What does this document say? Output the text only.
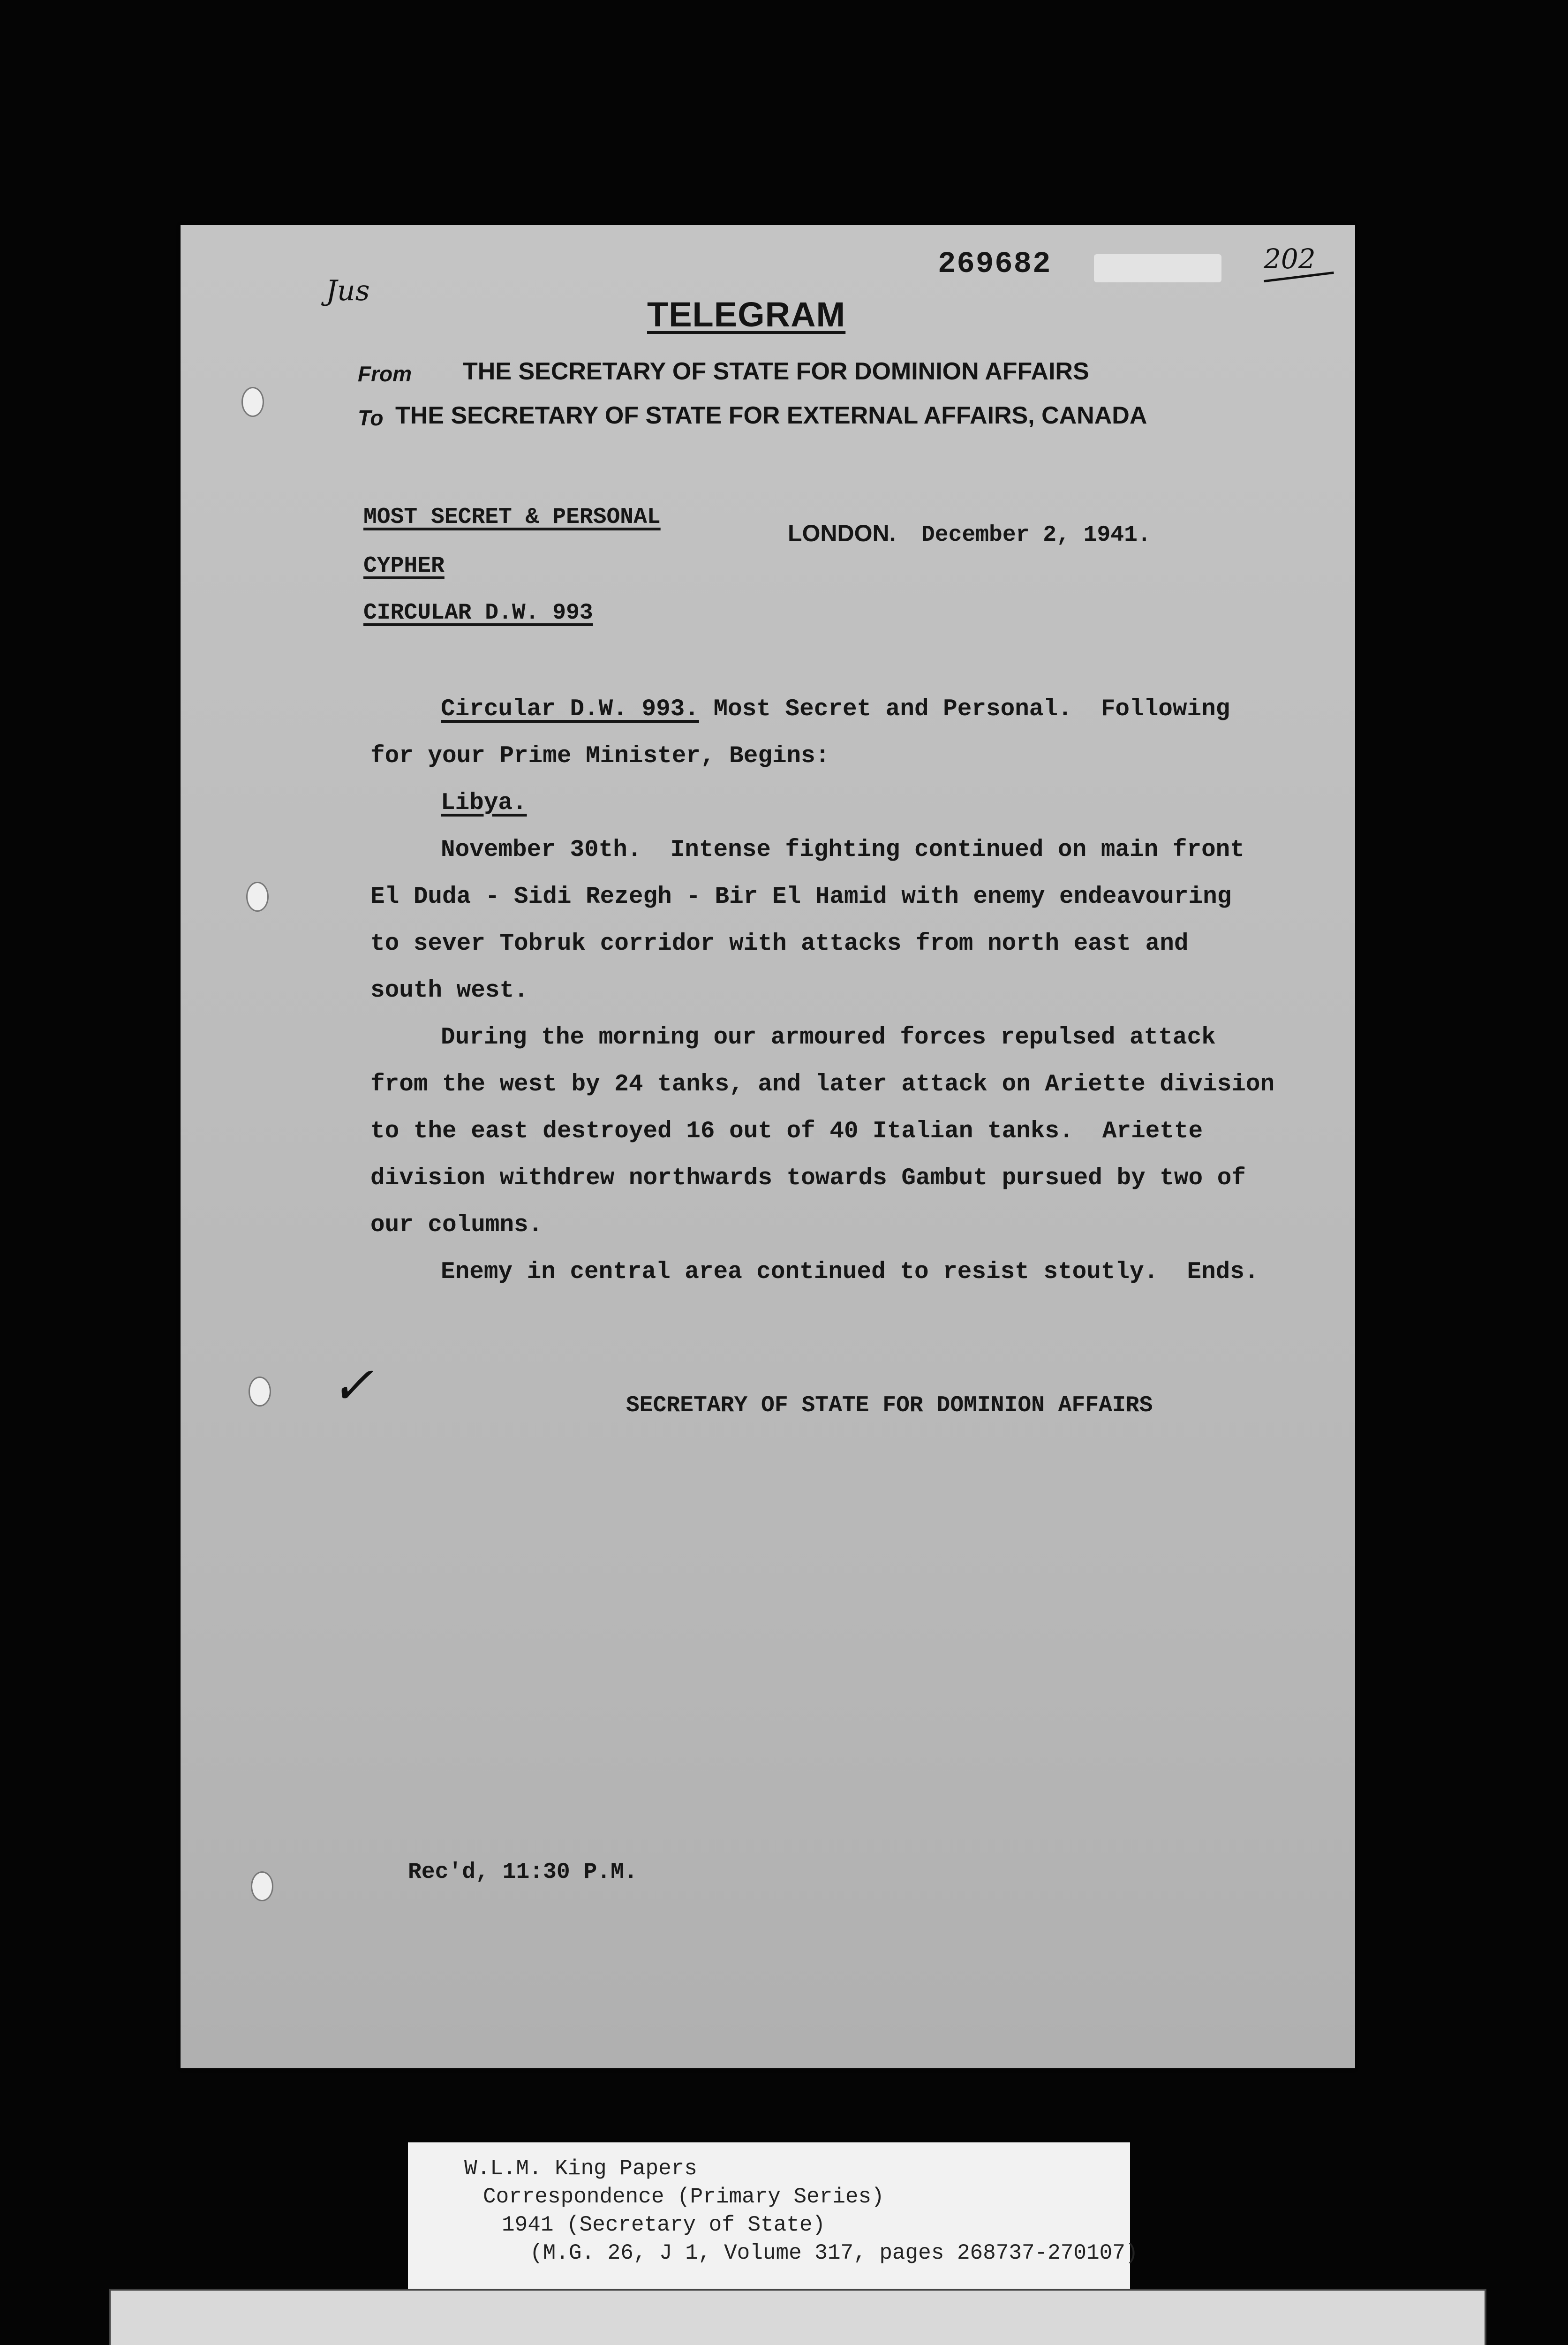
Jus
269682	202
TELEGRAM
From THE SECRETARY OF STATE FOR DOMINION AFFAIRS
To THE SECRETARY OF STATE FOR EXTERNAL AFFAIRS, CANADA
MOST SECRET & PERSONAL
CYPHER
CIRCULAR D.W. 993
LONDON. December 2, 1941.
Circular D.W. 993. Most Secret and Personal.  Following
for your Prime Minister, Begins:
Libya.
November 30th.  Intense fighting continued on main front
El Duda - Sidi Rezegh - Bir El Hamid with enemy endeavouring
to sever Tobruk corridor with attacks from north east and
south west.
During the morning our armoured forces repulsed attack
from the west by 24 tanks, and later attack on Ariette division
to the east destroyed 16 out of 40 Italian tanks.  Ariette
division withdrew northwards towards Gambut pursued by two of
our columns.
Enemy in central area continued to resist stoutly.  Ends.
✓	SECRETARY OF STATE FOR DOMINION AFFAIRS
Rec'd, 11:30 P.M.
W.L.M. King Papers
Correspondence (Primary Series)
1941 (Secretary of State)
(M.G. 26, J 1, Volume 317, pages 268737-270107)
